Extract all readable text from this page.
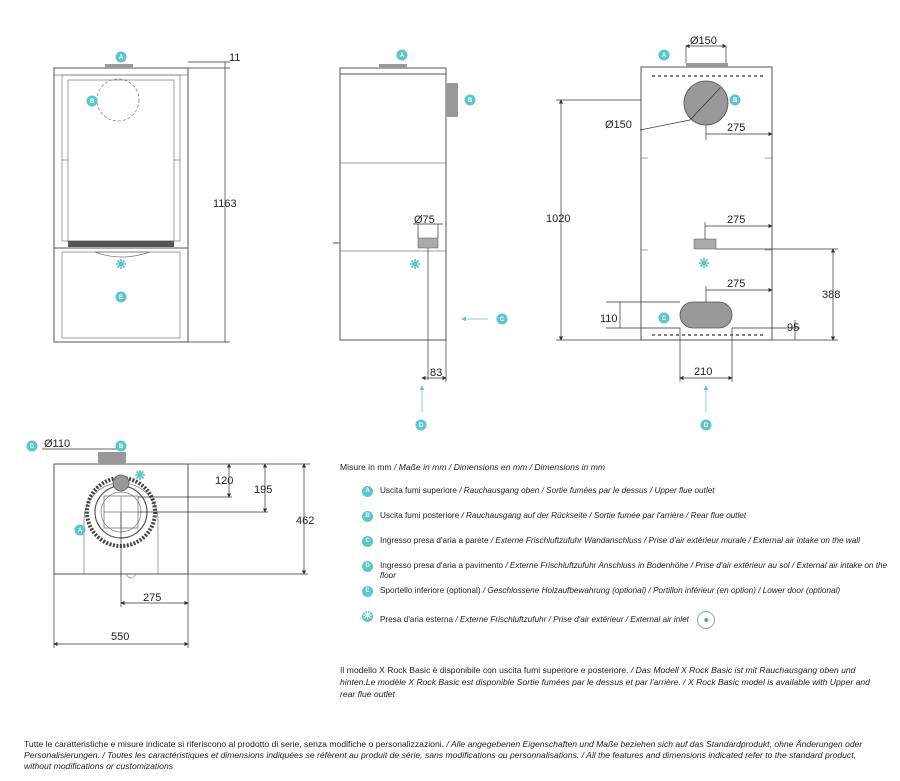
11
1163
A
B
E
Ø75
83
A
B
C
D
Ø150
Ø150	275
1020	275
388
275
110
95
210
A
B
C
D
Ø110
120
195
462
275
550
D	B
A
Misure in mm / Maße in mm / Dimensions en mm / Dimensions in mm
A	Uscita fumi superiore / Rauchausgang oben / Sortie fumées par le dessus / Upper flue outlet
B	Uscita fumi posteriore / Rauchausgang auf der Rückseite / Sortie fumée par l'arrière / Rear flue outlet
C	Ingresso presa d'aria a parete / Externe Frischluftzufuhr Wandanschluss / Prise d'air extérieur murale / External air intake on the wall
D	Ingresso presa d'aria a pavimento / Externe Frischluftzufuhr Anschluss in Bodenhöhe / Prise d'air extérieur au sol / External air intake on the floor
E	Sportello inferiore (optional) / Geschlossene Holzaufbewahrung (optional) / Portillon inférieur (en option) / Lower door (optional)
✳ Presa d'aria esterna / Externe Frischluftzufuhr / Prise d'air extérieur / External air inlet	⬤
Il modello X Rock Basic è disponibile con uscita fumi superiore e posteriore. / Das Modell X Rock Basic ist mit Rauchausgang oben und hinten.Le modèle X Rock Basic est disponible Sortie fumées par le dessus et par l'arrière. / X Rock Basic model is available with Upper and rear flue outlet
Tutte le caratteristiche e misure indicate si riferiscono al prodotto di serie, senza modifiche o personalizzazioni. / Alle angegebenen Eigenschaften und Maße beziehen sich auf das Standardprodukt, ohne Änderungen oder Personalisierungen. / Toutes les caractéristiques et dimensions indiquées se réfèrent au produit de série, sans modifications ou personnalisations. / All the features and dimensions indicated refer to the standard product, without modifications or customizations
